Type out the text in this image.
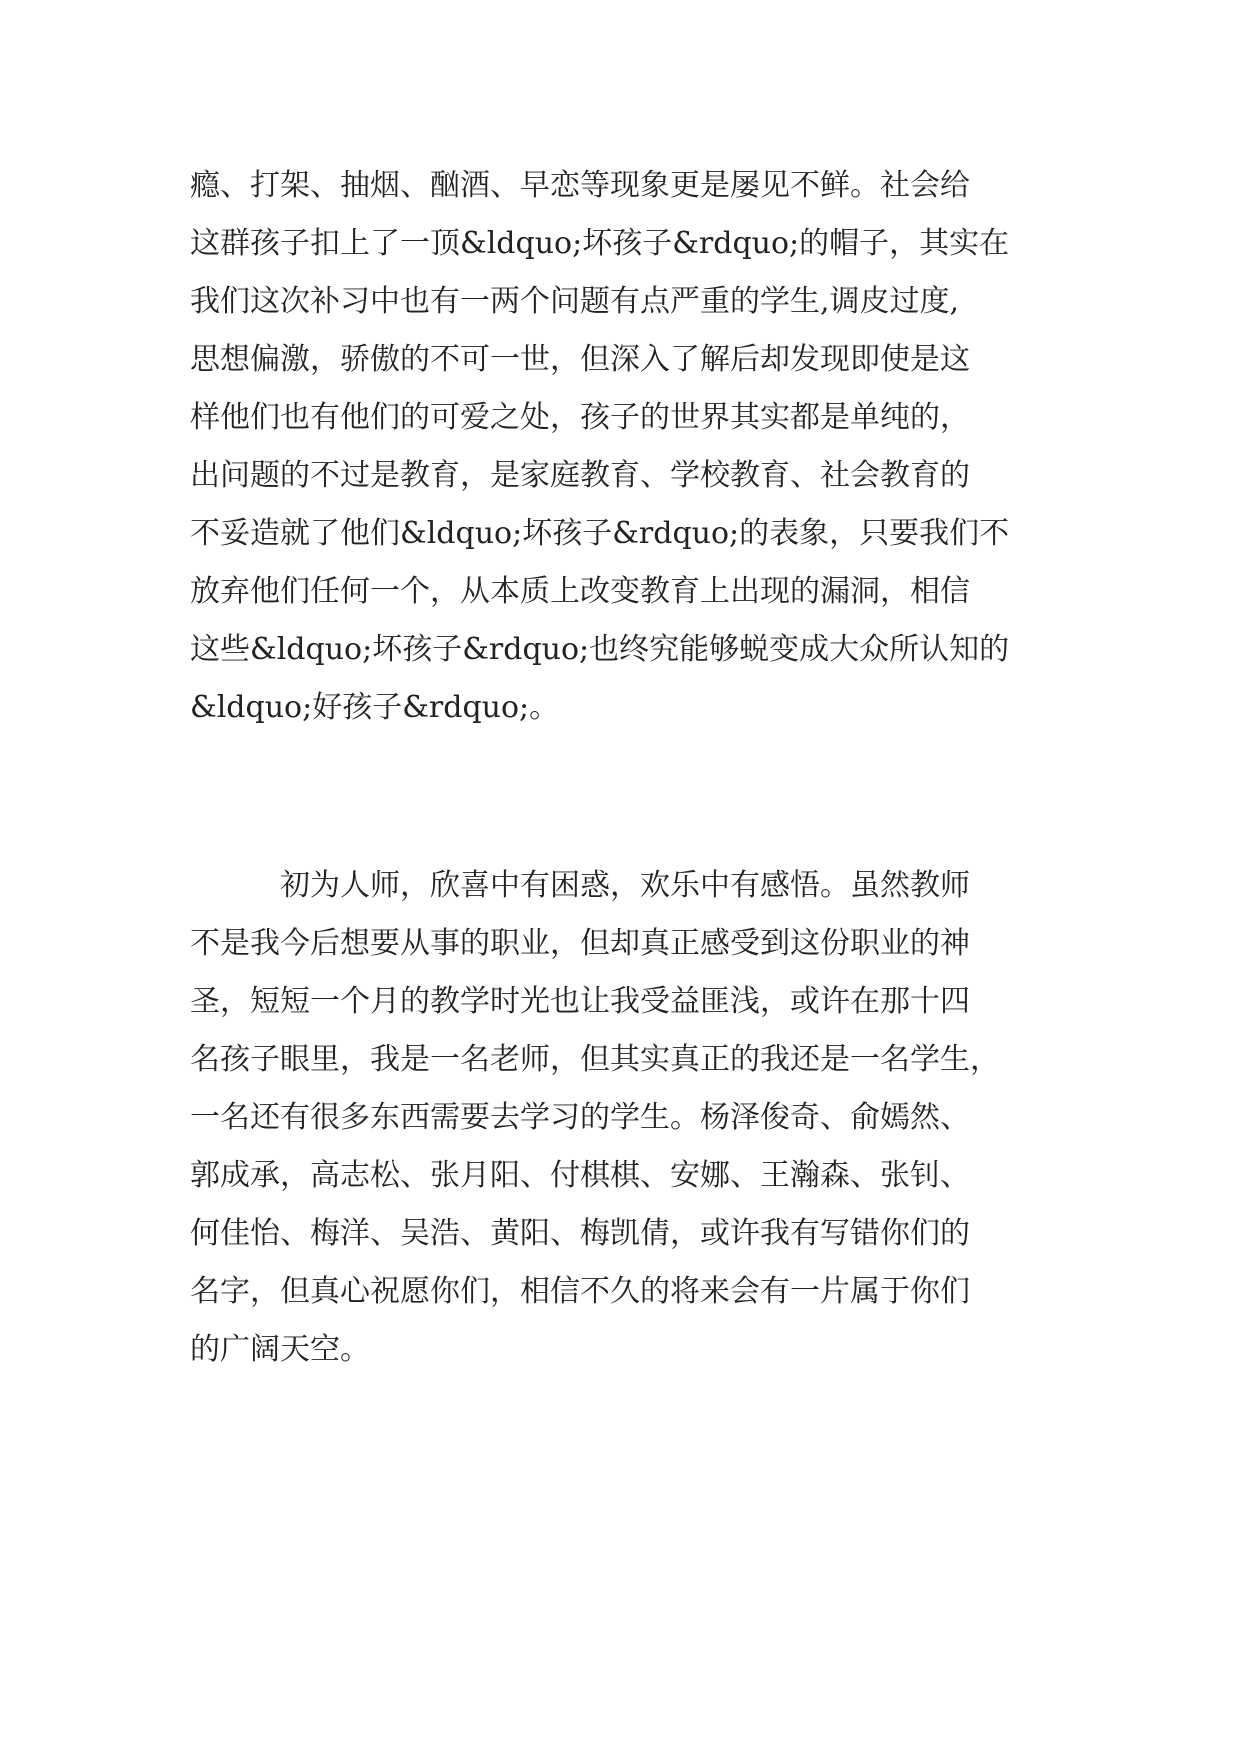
瘾、打架、抽烟、酗酒、早恋等现象更是屡见不鲜。社会给
这群孩子扣上了一顶&ldquo;坏孩子&rdquo;的帽子，其实在
我们这次补习中也有一两个问题有点严重的学生,调皮过度,
思想偏激，骄傲的不可一世，但深入了解后却发现即使是这
样他们也有他们的可爱之处，孩子的世界其实都是单纯的，
出问题的不过是教育，是家庭教育、学校教育、社会教育的
不妥造就了他们&ldquo;坏孩子&rdquo;的表象，只要我们不
放弃他们任何一个，从本质上改变教育上出现的漏洞，相信
这些&ldquo;坏孩子&rdquo;也终究能够蜕变成大众所认知的
&ldquo;好孩子&rdquo;。

　　　初为人师，欣喜中有困惑，欢乐中有感悟。虽然教师
不是我今后想要从事的职业，但却真正感受到这份职业的神
圣，短短一个月的教学时光也让我受益匪浅，或许在那十四
名孩子眼里，我是一名老师，但其实真正的我还是一名学生，
一名还有很多东西需要去学习的学生。杨泽俊奇、俞嫣然、
郭成承，高志松、张月阳、付棋棋、安娜、王瀚森、张钊、
何佳怡、梅洋、吴浩、黄阳、梅凯倩，或许我有写错你们的
名字，但真心祝愿你们，相信不久的将来会有一片属于你们
的广阔天空。
